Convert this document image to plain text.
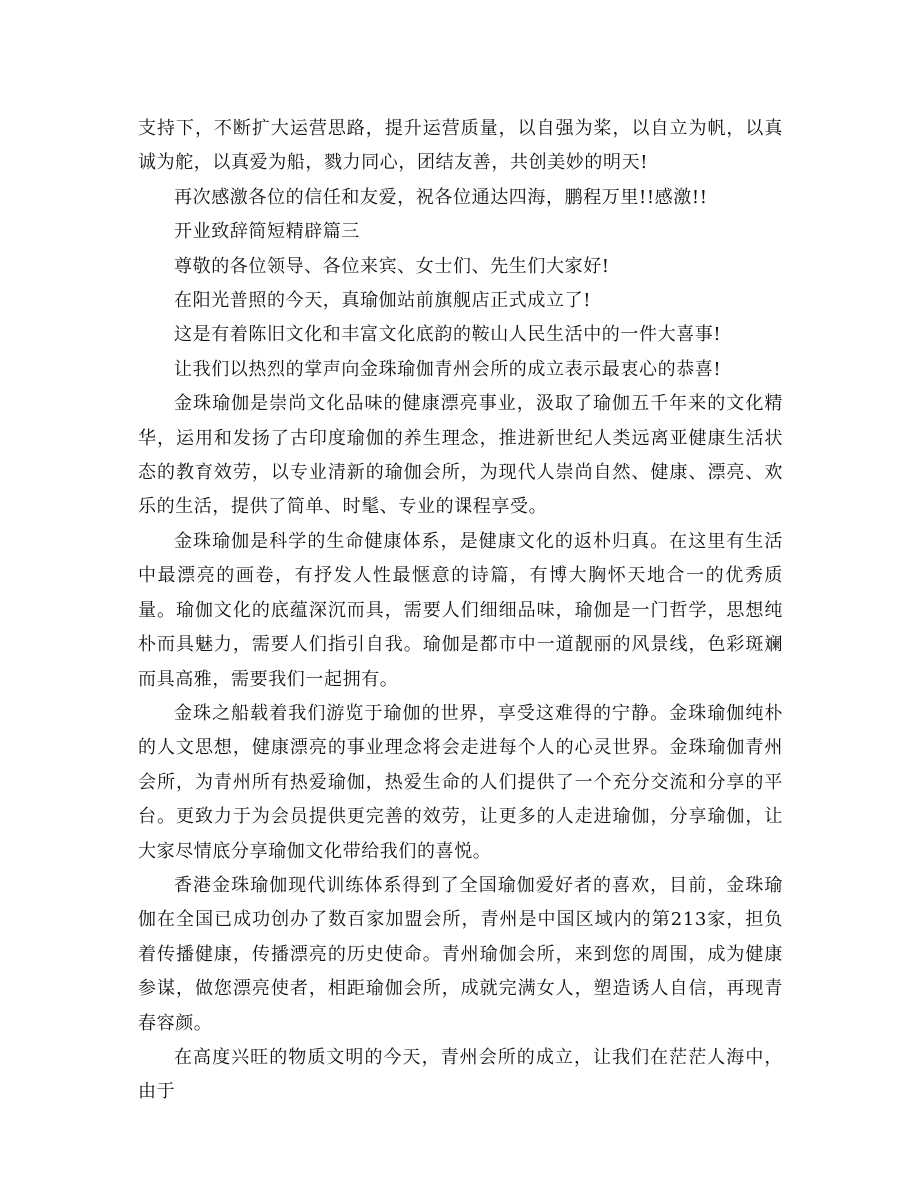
支持下，不断扩大运营思路，提升运营质量，以自强为桨，以自立为帆，以真诚为舵，以真爱为船，戮力同心，团结友善，共创美妙的明天!

再次感激各位的信任和友爱，祝各位通达四海，鹏程万里!!感激!!

开业致辞简短精辟篇三

尊敬的各位领导、各位来宾、女士们、先生们大家好!

在阳光普照的今天，真瑜伽站前旗舰店正式成立了!

这是有着陈旧文化和丰富文化底韵的鞍山人民生活中的一件大喜事!

让我们以热烈的掌声向金珠瑜伽青州会所的成立表示最衷心的恭喜!

金珠瑜伽是崇尚文化品味的健康漂亮事业，汲取了瑜伽五千年来的文化精华，运用和发扬了古印度瑜伽的养生理念，推进新世纪人类远离亚健康生活状态的教育效劳，以专业清新的瑜伽会所，为现代人崇尚自然、健康、漂亮、欢乐的生活，提供了简单、时髦、专业的课程享受。

金珠瑜伽是科学的生命健康体系，是健康文化的返朴归真。在这里有生活中最漂亮的画卷，有抒发人性最惬意的诗篇，有博大胸怀天地合一的优秀质量。瑜伽文化的底蕴深沉而具，需要人们细细品味，瑜伽是一门哲学，思想纯朴而具魅力，需要人们指引自我。瑜伽是都市中一道靓丽的风景线，色彩斑斓而具高雅，需要我们一起拥有。

金珠之船载着我们游览于瑜伽的世界，享受这难得的宁静。金珠瑜伽纯朴的人文思想，健康漂亮的事业理念将会走进每个人的心灵世界。金珠瑜伽青州会所，为青州所有热爱瑜伽，热爱生命的人们提供了一个充分交流和分享的平台。更致力于为会员提供更完善的效劳，让更多的人走进瑜伽，分享瑜伽，让大家尽情底分享瑜伽文化带给我们的喜悦。

香港金珠瑜伽现代训练体系得到了全国瑜伽爱好者的喜欢，目前，金珠瑜伽在全国已成功创办了数百家加盟会所，青州是中国区域内的第213家，担负着传播健康，传播漂亮的历史使命。青州瑜伽会所，来到您的周围，成为健康参谋，做您漂亮使者，相距瑜伽会所，成就完满女人，塑造诱人自信，再现青春容颜。

在高度兴旺的物质文明的今天，青州会所的成立，让我们在茫茫人海中，由于
